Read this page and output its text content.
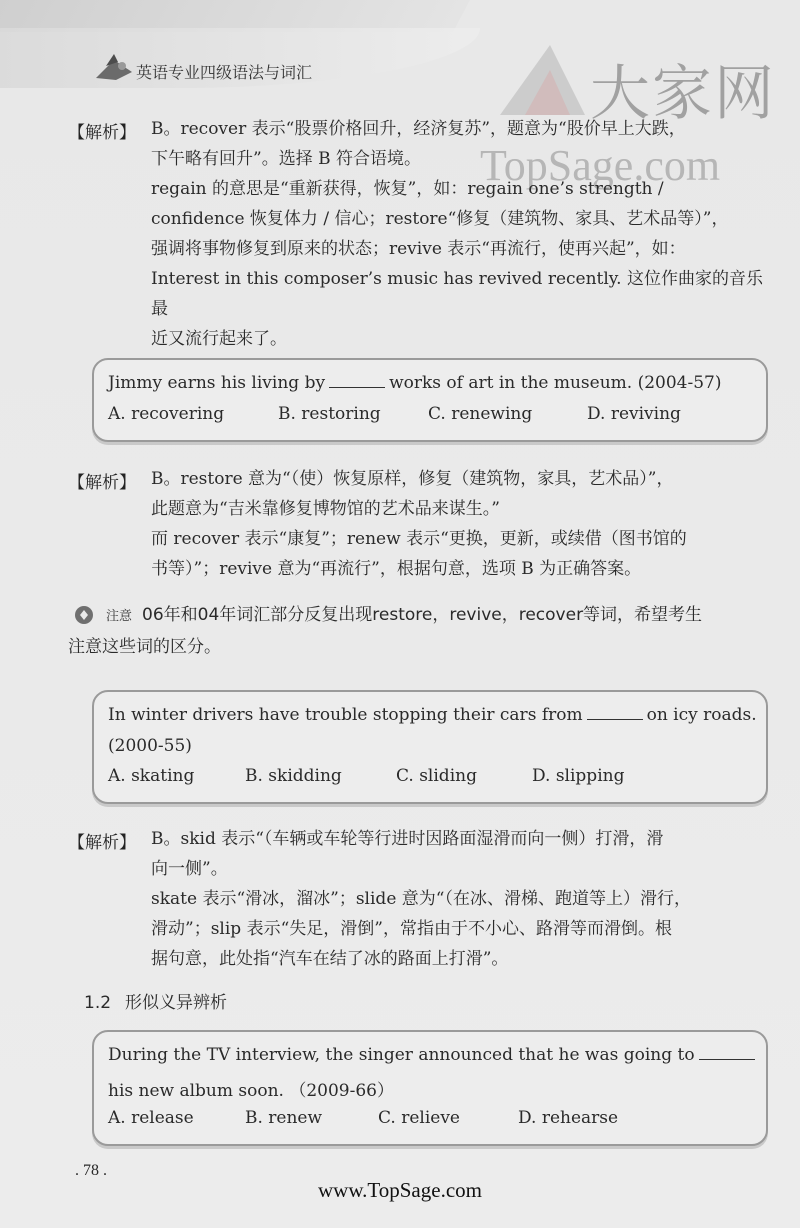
英语专业四级语法与词汇	大家网
TopSage.com
【解析】 B。recover 表示“股票价格回升，经济复苏”，题意为“股价早上大跌，

下午略有回升”。选择 B 符合语境。

regain 的意思是“重新获得，恢复”，如：regain one’s strength /

confidence 恢复体力 / 信心；restore“修复（建筑物、家具、艺术品等）”，

强调将事物修复到原来的状态；revive 表示“再流行，使再兴起”，如：

Interest in this composer’s music has revived recently. 这位作曲家的音乐最

近又流行起来了。

Jimmy earns his living by	works of art in the museum. (2004-57)
A. recovering	B. restoring	C. renewing	D. reviving
【解析】 B。restore 意为“（使）恢复原样，修复（建筑物，家具，艺术品）”，

此题意为“吉米靠修复博物馆的艺术品来谋生。”

而 recover 表示“康复”；renew 表示“更换，更新，或续借（图书馆的

书等）”；revive 意为“再流行”，根据句意，选项 B 为正确答案。

注意 06年和04年词汇部分反复出现restore，revive，recover等词，希望考生
注意这些词的区分。
In winter drivers have trouble stopping their cars from	on icy roads.
(2000-55)
A. skating	B. skidding	C. sliding	D. slipping
【解析】 B。skid 表示“（车辆或车轮等行进时因路面湿滑而向一侧）打滑，滑

向一侧”。

skate 表示“滑冰，溜冰”；slide 意为“（在冰、滑梯、跑道等上）滑行，

滑动”；slip 表示“失足，滑倒”，常指由于不小心、路滑等而滑倒。根

据句意，此处指“汽车在结了冰的路面上打滑”。

1.2 形似义异辨析
During the TV interview, the singer announced that he was going to
his new album soon. （2009-66）
A. release	B. renew	C. relieve	D. rehearse
. 78 .
www.TopSage.com
